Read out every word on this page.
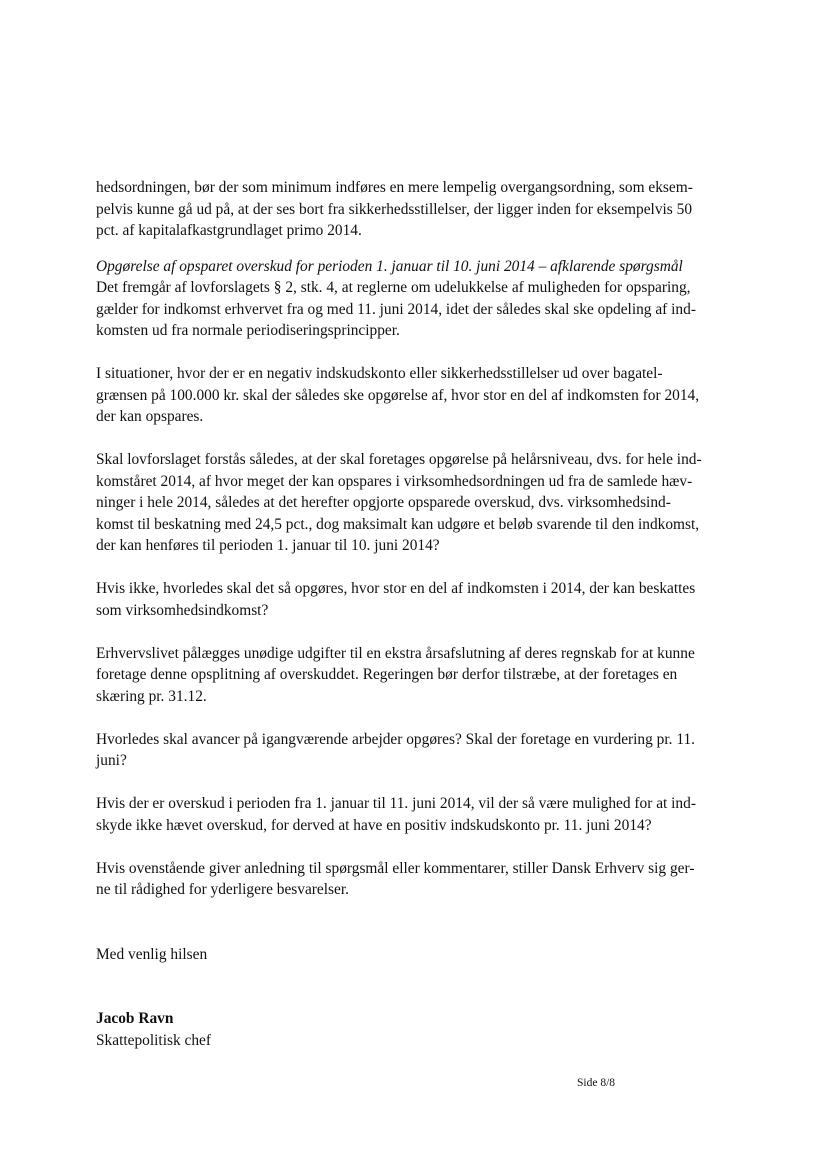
hedsordningen, bør der som minimum indføres en mere lempelig overgangsordning, som eksem-
pelvis kunne gå ud på, at der ses bort fra sikkerhedsstillelser, der ligger inden for eksempelvis 50
pct. af kapitalafkastgrundlaget primo 2014.

Opgørelse af opsparet overskud for perioden 1. januar til 10. juni 2014 – afklarende spørgsmål

Det fremgår af lovforslagets § 2, stk. 4, at reglerne om udelukkelse af muligheden for opsparing,
gælder for indkomst erhvervet fra og med 11. juni 2014, idet der således skal ske opdeling af ind-
komsten ud fra normale periodiseringsprincipper.

I situationer, hvor der er en negativ indskudskonto eller sikkerhedsstillelser ud over bagatel-
grænsen på 100.000 kr. skal der således ske opgørelse af, hvor stor en del af indkomsten for 2014,
der kan opspares.

Skal lovforslaget forstås således, at der skal foretages opgørelse på helårsniveau, dvs. for hele ind-
komståret 2014, af hvor meget der kan opspares i virksomhedsordningen ud fra de samlede hæv-
ninger i hele 2014, således at det herefter opgjorte opsparede overskud, dvs. virksomhedsind-
komst til beskatning med 24,5 pct., dog maksimalt kan udgøre et beløb svarende til den indkomst,
der kan henføres til perioden 1. januar til 10. juni 2014?

Hvis ikke, hvorledes skal det så opgøres, hvor stor en del af indkomsten i 2014, der kan beskattes
som virksomhedsindkomst?

Erhvervslivet pålægges unødige udgifter til en ekstra årsafslutning af deres regnskab for at kunne
foretage denne opsplitning af overskuddet. Regeringen bør derfor tilstræbe, at der foretages en
skæring pr. 31.12.

Hvorledes skal avancer på igangværende arbejder opgøres? Skal der foretage en vurdering pr. 11.
juni?

Hvis der er overskud i perioden fra 1. januar til 11. juni 2014, vil der så være mulighed for at ind-
skyde ikke hævet overskud, for derved at have en positiv indskudskonto pr. 11. juni 2014?

Hvis ovenstående giver anledning til spørgsmål eller kommentarer, stiller Dansk Erhverv sig ger-
ne til rådighed for yderligere besvarelser.

Med venlig hilsen

Jacob Ravn

Skattepolitisk chef

Side 8/8
